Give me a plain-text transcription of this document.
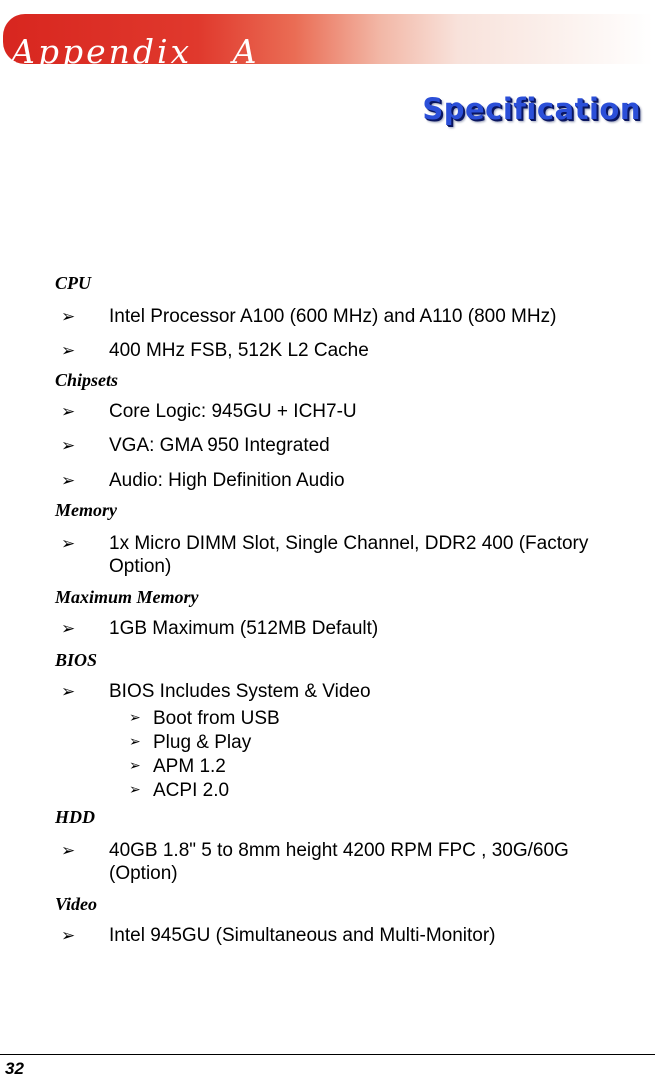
Appendix   A
Specification
CPU
➢ Intel Processor A100 (600 MHz) and A110 (800 MHz)
➢ 400 MHz FSB, 512K L2 Cache
Chipsets
➢ Core Logic: 945GU + ICH7-U
➢ VGA: GMA 950 Integrated
➢ Audio: High Definition Audio
Memory
➢ 1x Micro DIMM Slot, Single Channel, DDR2 400 (Factory Option)
Maximum Memory
➢ 1GB Maximum (512MB Default)
BIOS
➢ BIOS Includes System & Video
➢ Boot from USB
➢ Plug & Play
➢ APM 1.2
➢ ACPI 2.0
HDD
➢ 40GB 1.8" 5 to 8mm height 4200 RPM FPC , 30G/60G (Option)
Video
➢ Intel 945GU (Simultaneous and Multi-Monitor)
32
